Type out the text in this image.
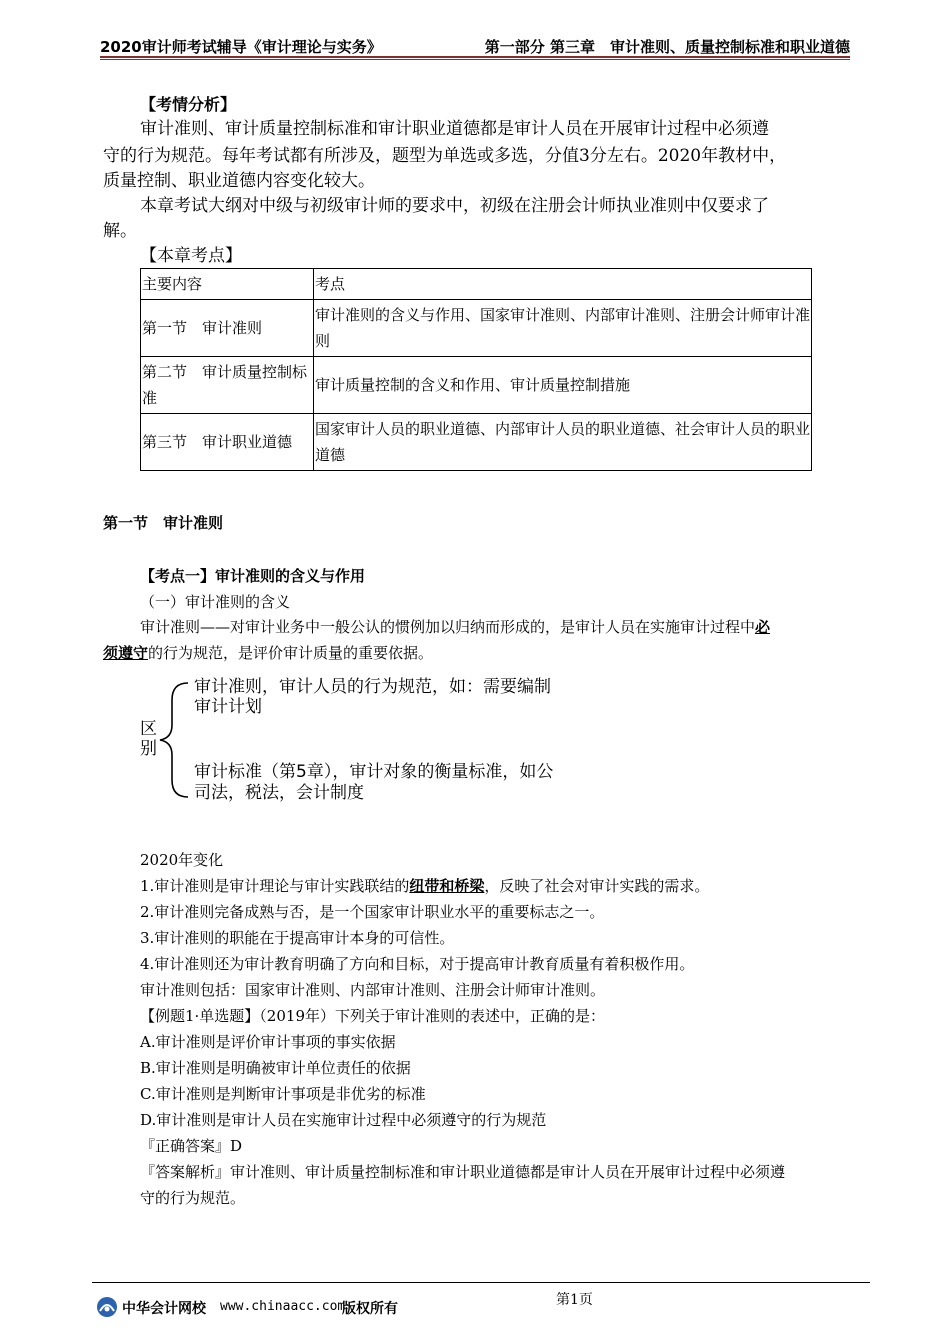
2020审计师考试辅导《审计理论与实务》	第一部分 第三章　审计准则、质量控制标准和职业道德
【考情分析】
审计准则、审计质量控制标准和审计职业道德都是审计人员在开展审计过程中必须遵
守的行为规范。每年考试都有所涉及，题型为单选或多选，分值3分左右。2020年教材中，
质量控制、职业道德内容变化较大。
本章考试大纲对中级与初级审计师的要求中，初级在注册会计师执业准则中仅要求了
解。
【本章考点】
主要内容	考点
第一节　审计准则	审计准则的含义与作用、国家审计准则、内部审计准则、注册会计师审计准则
第二节　审计质量控制标准	审计质量控制的含义和作用、审计质量控制措施
第三节　审计职业道德	国家审计人员的职业道德、内部审计人员的职业道德、社会审计人员的职业道德
第一节　审计准则
【考点一】审计准则的含义与作用
（一）审计准则的含义
审计准则——对审计业务中一般公认的惯例加以归纳而形成的，是审计人员在实施审计过程中必
须遵守的行为规范，是评价审计质量的重要依据。
区
别
审计准则，审计人员的行为规范，如：需要编制
审计计划
审计标准（第5章），审计对象的衡量标准，如公
司法，税法，会计制度
2020年变化
1.审计准则是审计理论与审计实践联结的纽带和桥梁，反映了社会对审计实践的需求。
2.审计准则完备成熟与否，是一个国家审计职业水平的重要标志之一。
3.审计准则的职能在于提高审计本身的可信性。
4.审计准则还为审计教育明确了方向和目标，对于提高审计教育质量有着积极作用。
审计准则包括：国家审计准则、内部审计准则、注册会计师审计准则。
【例题1·单选题】（2019年）下列关于审计准则的表述中，正确的是：
A.审计准则是评价审计事项的事实依据
B.审计准则是明确被审计单位责任的依据
C.审计准则是判断审计事项是非优劣的标准
D.审计准则是审计人员在实施审计过程中必须遵守的行为规范
『正确答案』D
『答案解析』审计准则、审计质量控制标准和审计职业道德都是审计人员在开展审计过程中必须遵
守的行为规范。
第1页
中华会计网校 www.chinaacc.com
版权所有
